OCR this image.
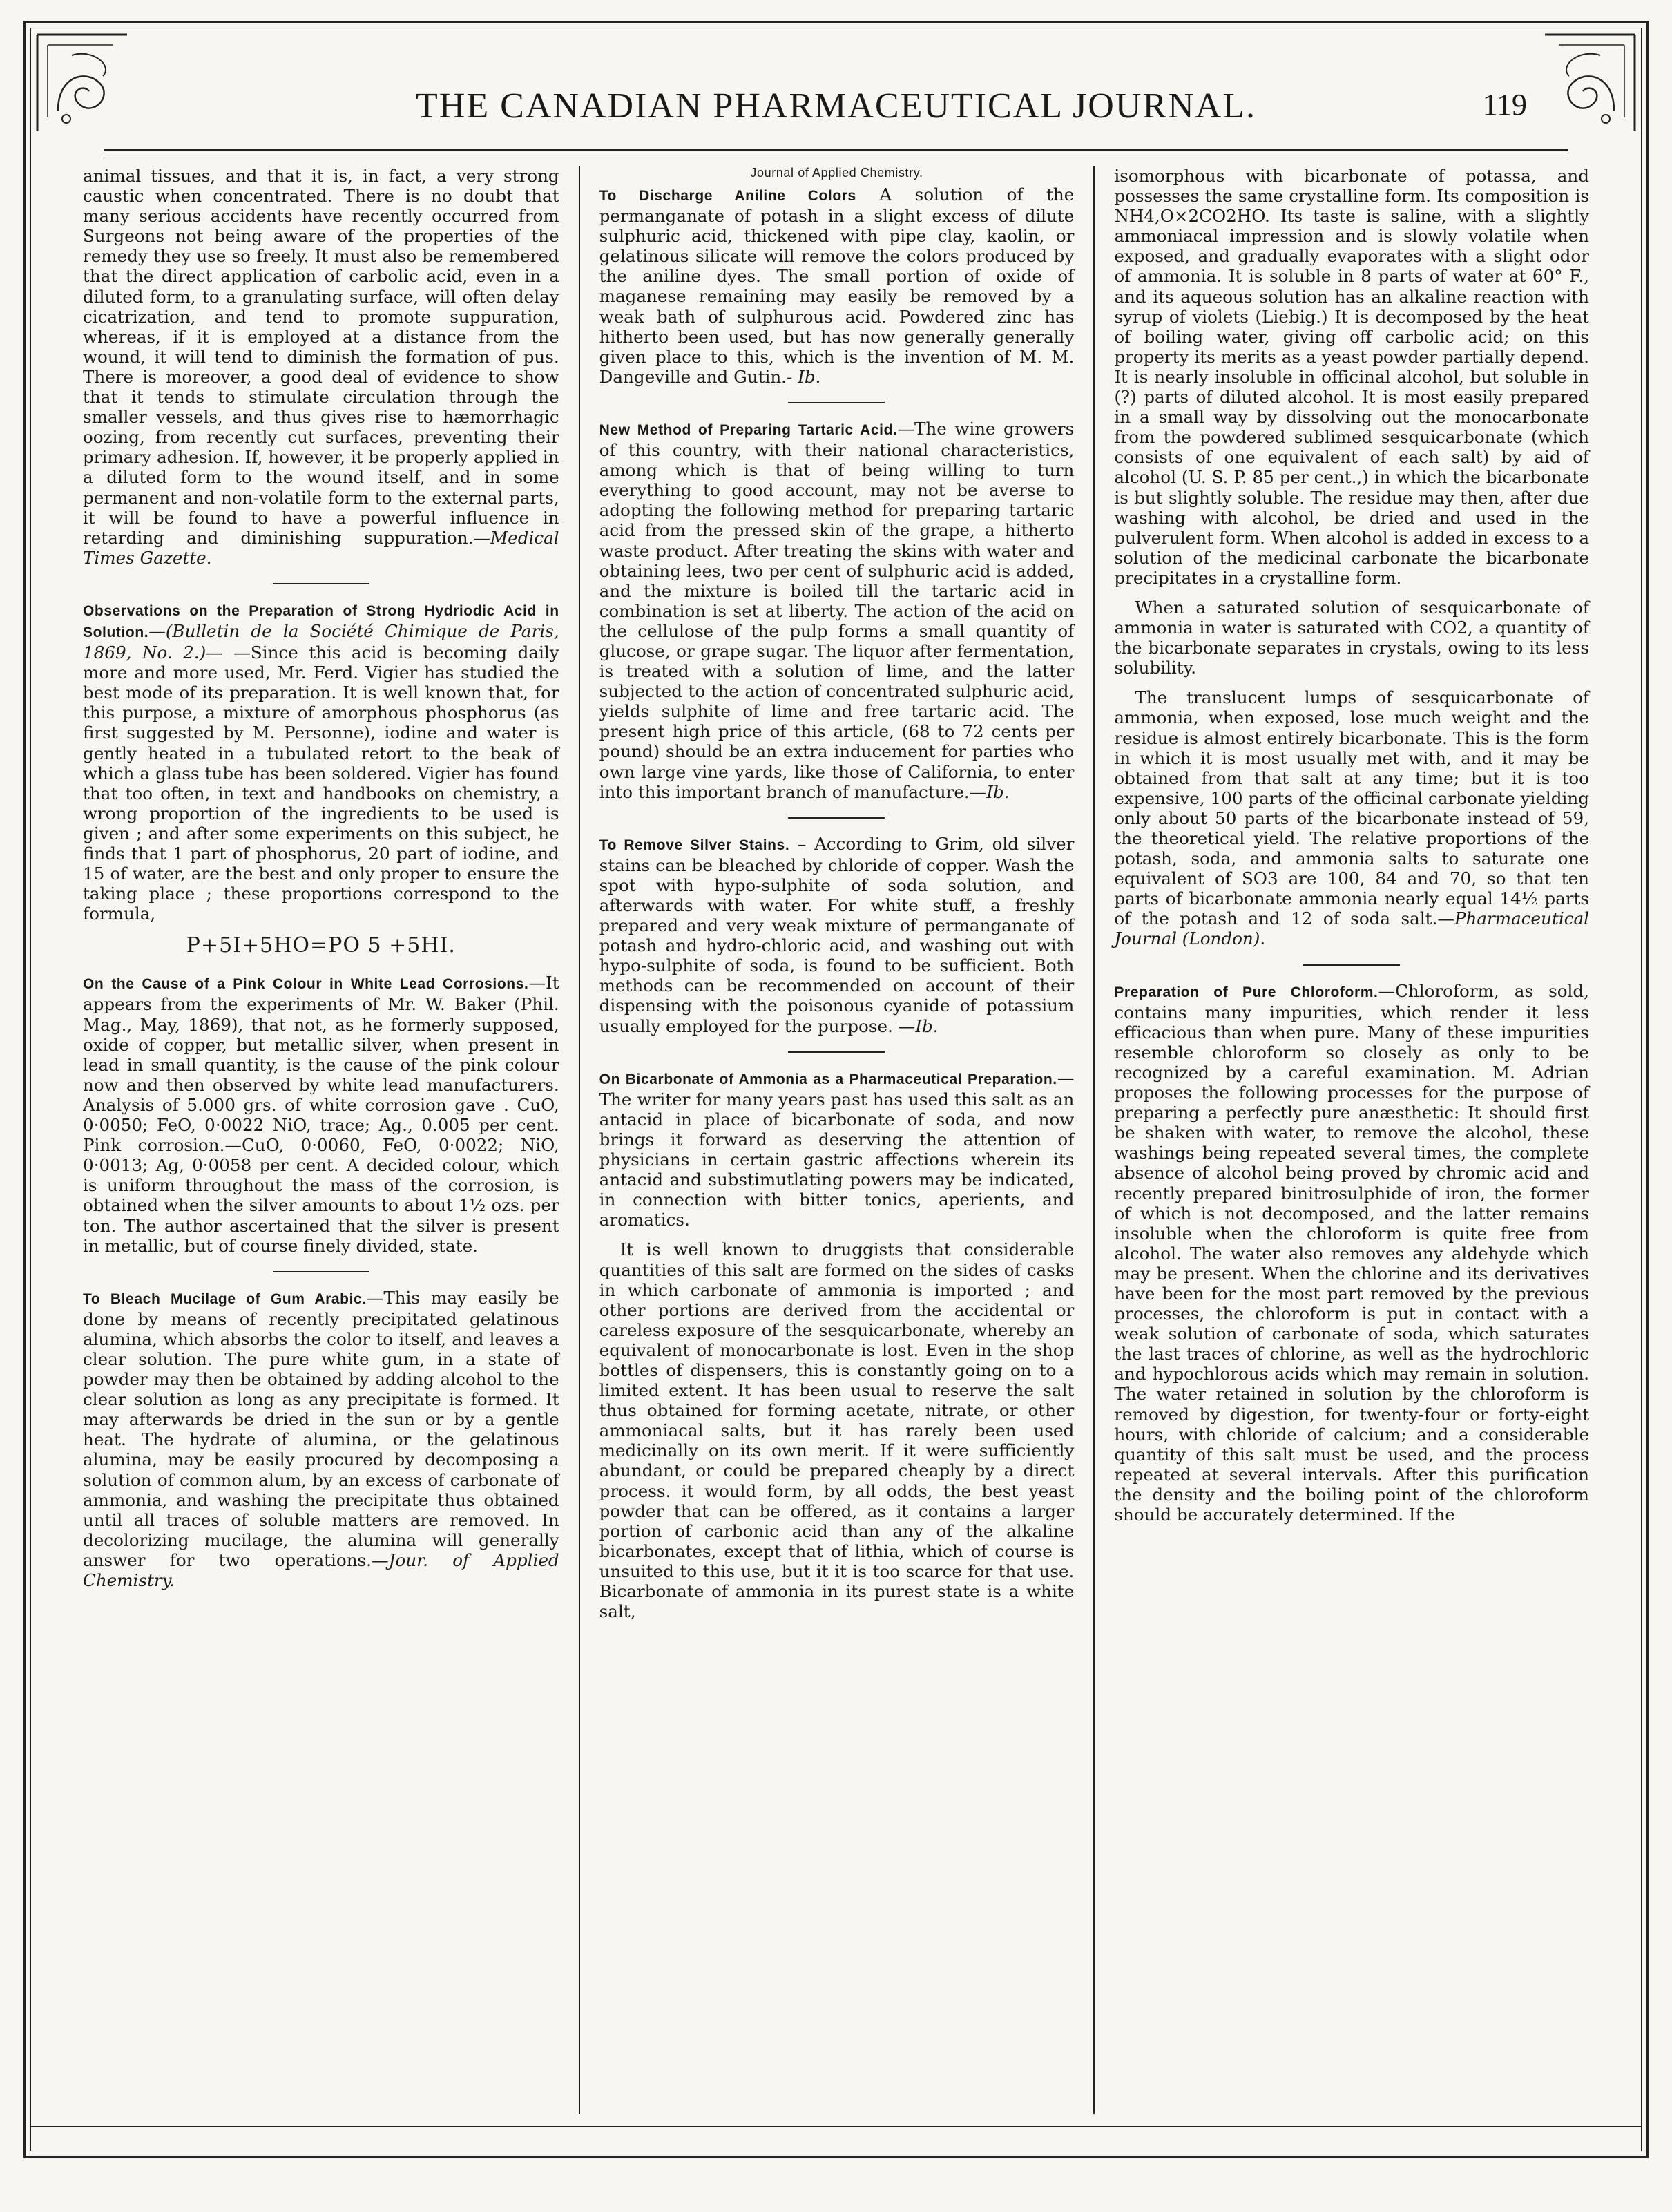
THE CANADIAN PHARMACEUTICAL JOURNAL.	119

animal tissues, and that it is, in fact, a very strong caustic when concentrated. There is no doubt that many serious accidents have recently occurred from Surgeons not being aware of the properties of the remedy they use so freely. It must also be remembered that the direct application of carbolic acid, even in a diluted form, to a granulating surface, will often delay cicatrization, and tend to promote suppuration, whereas, if it is employed at a distance from the wound, it will tend to diminish the formation of pus. There is moreover, a good deal of evidence to show that it tends to stimulate circulation through the smaller vessels, and thus gives rise to hæmorrhagic oozing, from recently cut surfaces, preventing their primary adhesion. If, however, it be properly applied in a diluted form to the wound itself, and in some permanent and non-volatile form to the external parts, it will be found to have a powerful influence in retarding and diminishing suppuration.—Medical Times Gazette.

Observations on the Preparation of Strong Hydriodic Acid in Solution.—(Bulletin de la Société Chimique de Paris, 1869, No. 2.)— —Since this acid is becoming daily more and more used, Mr. Ferd. Vigier has studied the best mode of its preparation. It is well known that, for this purpose, a mixture of amorphous phosphorus (as first suggested by M. Personne), iodine and water is gently heated in a tubulated retort to the beak of which a glass tube has been soldered. Vigier has found that too often, in text and handbooks on chemistry, a wrong proportion of the ingredients to be used is given ; and after some experiments on this subject, he finds that 1 part of phosphorus, 20 part of iodine, and 15 of water, are the best and only proper to ensure the taking place ; these proportions correspond to the formula,

P+5I+5HO=PO 5 +5HI.

On the Cause of a Pink Colour in White Lead Corrosions.—It appears from the experiments of Mr. W. Baker (Phil. Mag., May, 1869), that not, as he formerly supposed, oxide of copper, but metallic silver, when present in lead in small quantity, is the cause of the pink colour now and then observed by white lead manufacturers. Analysis of 5.000 grs. of white corrosion gave . CuO, 0·0050; FeO, 0·0022 NiO, trace; Ag., 0.005 per cent. Pink corrosion.—CuO, 0·0060, FeO, 0·0022; NiO, 0·0013; Ag, 0·0058 per cent. A decided colour, which is uniform throughout the mass of the corrosion, is obtained when the silver amounts to about 1½ ozs. per ton. The author ascertained that the silver is present in metallic, but of course finely divided, state.

To Bleach Mucilage of Gum Arabic.—This may easily be done by means of recently precipitated gelatinous alumina, which absorbs the color to itself, and leaves a clear solution. The pure white gum, in a state of powder may then be obtained by adding alcohol to the clear solution as long as any precipitate is formed. It may afterwards be dried in the sun or by a gentle heat. The hydrate of alumina, or the gelatinous alumina, may be easily procured by decomposing a solution of common alum, by an excess of carbonate of ammonia, and washing the precipitate thus obtained until all traces of soluble matters are removed. In decolorizing mucilage, the alumina will generally answer for two operations.—Jour. of Applied Chemistry.

Journal of Applied Chemistry.

To Discharge Aniline Colors A solution of the permanganate of potash in a slight excess of dilute sulphuric acid, thickened with pipe clay, kaolin, or gelatinous silicate will remove the colors produced by the aniline dyes. The small portion of oxide of maganese remaining may easily be removed by a weak bath of sulphurous acid. Powdered zinc has hitherto been used, but has now generally generally given place to this, which is the invention of M. M. Dangeville and Gutin.- Ib.

New Method of Preparing Tartaric Acid.—The wine growers of this country, with their national characteristics, among which is that of being willing to turn everything to good account, may not be averse to adopting the following method for preparing tartaric acid from the pressed skin of the grape, a hitherto waste product. After treating the skins with water and obtaining lees, two per cent of sulphuric acid is added, and the mixture is boiled till the tartaric acid in combination is set at liberty. The action of the acid on the cellulose of the pulp forms a small quantity of glucose, or grape sugar. The liquor after fermentation, is treated with a solution of lime, and the latter subjected to the action of concentrated sulphuric acid, yields sulphite of lime and free tartaric acid. The present high price of this article, (68 to 72 cents per pound) should be an extra inducement for parties who own large vine yards, like those of California, to enter into this important branch of manufacture.—Ib.

To Remove Silver Stains. – According to Grim, old silver stains can be bleached by chloride of copper. Wash the spot with hypo-sulphite of soda solution, and afterwards with water. For white stuff, a freshly prepared and very weak mixture of permanganate of potash and hydro-chloric acid, and washing out with hypo-sulphite of soda, is found to be sufficient. Both methods can be recommended on account of their dispensing with the poisonous cyanide of potassium usually employed for the purpose. —Ib.

On Bicarbonate of Ammonia as a Pharmaceutical Preparation.—The writer for many years past has used this salt as an antacid in place of bicarbonate of soda, and now brings it forward as deserving the attention of physicians in certain gastric affections wherein its antacid and substimutlating powers may be indicated, in connection with bitter tonics, aperients, and aromatics.

It is well known to druggists that considerable quantities of this salt are formed on the sides of casks in which carbonate of ammonia is imported ; and other portions are derived from the accidental or careless exposure of the sesquicarbonate, whereby an equivalent of monocarbonate is lost. Even in the shop bottles of dispensers, this is constantly going on to a limited extent. It has been usual to reserve the salt thus obtained for forming acetate, nitrate, or other ammoniacal salts, but it has rarely been used medicinally on its own merit. If it were sufficiently abundant, or could be prepared cheaply by a direct process. it would form, by all odds, the best yeast powder that can be offered, as it contains a larger portion of carbonic acid than any of the alkaline bicarbonates, except that of lithia, which of course is unsuited to this use, but it it is too scarce for that use. Bicarbonate of ammonia in its purest state is a white salt,

isomorphous with bicarbonate of potassa, and possesses the same crystalline form. Its composition is NH4,O×2CO2HO. Its taste is saline, with a slightly ammoniacal impression and is slowly volatile when exposed, and gradually evaporates with a slight odor of ammonia. It is soluble in 8 parts of water at 60° F., and its aqueous solution has an alkaline reaction with syrup of violets (Liebig.) It is decomposed by the heat of boiling water, giving off carbolic acid; on this property its merits as a yeast powder partially depend. It is nearly insoluble in officinal alcohol, but soluble in (?) parts of diluted alcohol. It is most easily prepared in a small way by dissolving out the monocarbonate from the powdered sublimed sesquicarbonate (which consists of one equivalent of each salt) by aid of alcohol (U. S. P. 85 per cent.,) in which the bicarbonate is but slightly soluble. The residue may then, after due washing with alcohol, be dried and used in the pulverulent form. When alcohol is added in excess to a solution of the medicinal carbonate the bicarbonate precipitates in a crystalline form.

When a saturated solution of sesquicarbonate of ammonia in water is saturated with CO2, a quantity of the bicarbonate separates in crystals, owing to its less solubility.

The translucent lumps of sesquicarbonate of ammonia, when exposed, lose much weight and the residue is almost entirely bicarbonate. This is the form in which it is most usually met with, and it may be obtained from that salt at any time; but it is too expensive, 100 parts of the officinal carbonate yielding only about 50 parts of the bicarbonate instead of 59, the theoretical yield. The relative proportions of the potash, soda, and ammonia salts to saturate one equivalent of SO3 are 100, 84 and 70, so that ten parts of bicarbonate ammonia nearly equal 14½ parts of the potash and 12 of soda salt.—Pharmaceutical Journal (London).

Preparation of Pure Chloroform.—Chloroform, as sold, contains many impurities, which render it less efficacious than when pure. Many of these impurities resemble chloroform so closely as only to be recognized by a careful examination. M. Adrian proposes the following processes for the purpose of preparing a perfectly pure anæsthetic: It should first be shaken with water, to remove the alcohol, these washings being repeated several times, the complete absence of alcohol being proved by chromic acid and recently prepared binitrosulphide of iron, the former of which is not decomposed, and the latter remains insoluble when the chloroform is quite free from alcohol. The water also removes any aldehyde which may be present. When the chlorine and its derivatives have been for the most part removed by the previous processes, the chloroform is put in contact with a weak solution of carbonate of soda, which saturates the last traces of chlorine, as well as the hydrochloric and hypochlorous acids which may remain in solution. The water retained in solution by the chloroform is removed by digestion, for twenty-four or forty-eight hours, with chloride of calcium; and a considerable quantity of this salt must be used, and the process repeated at several intervals. After this purification the density and the boiling point of the chloroform should be accurately determined. If the
